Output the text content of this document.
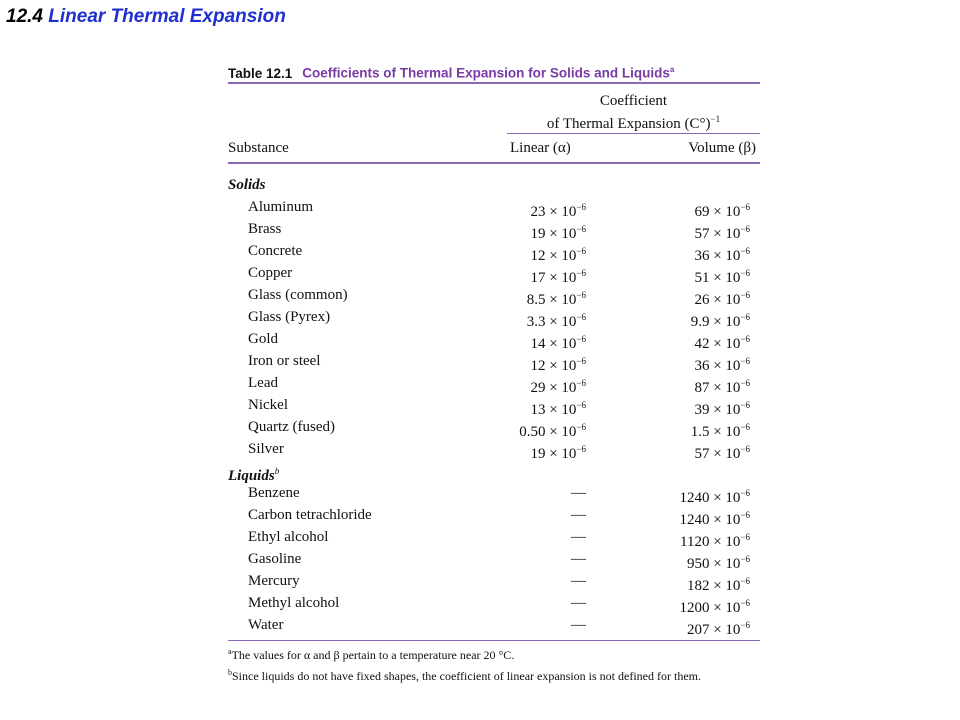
12.4 Linear Thermal Expansion
Table 12.1 Coefficients of Thermal Expansion for Solids and Liquids$^a$
Coefficient
of Thermal Expansion $(C^\circ)^{-1}$
Substance	Linear (α)	Volume (β)
Solids
Aluminum	$23 \times 10^{-6}$	$69 \times 10^{-6}$
Brass	$19 \times 10^{-6}$	$57 \times 10^{-6}$
Concrete	$12 \times 10^{-6}$	$36 \times 10^{-6}$
Copper	$17 \times 10^{-6}$	$51 \times 10^{-6}$
Glass (common)	$8.5 \times 10^{-6}$	$26 \times 10^{-6}$
Glass (Pyrex)	$3.3 \times 10^{-6}$	$9.9 \times 10^{-6}$
Gold	$14 \times 10^{-6}$	$42 \times 10^{-6}$
Iron or steel	$12 \times 10^{-6}$	$36 \times 10^{-6}$
Lead	$29 \times 10^{-6}$	$87 \times 10^{-6}$
Nickel	$13 \times 10^{-6}$	$39 \times 10^{-6}$
Quartz (fused)	$0.50 \times 10^{-6}$	$1.5 \times 10^{-6}$
Silver	$19 \times 10^{-6}$	$57 \times 10^{-6}$
Liquids$^b$
Benzene	—	$1240 \times 10^{-6}$
Carbon tetrachloride	—	$1240 \times 10^{-6}$
Ethyl alcohol	—	$1120 \times 10^{-6}$
Gasoline	—	$950 \times 10^{-6}$
Mercury	—	$182 \times 10^{-6}$
Methyl alcohol	—	$1200 \times 10^{-6}$
Water	—	$207 \times 10^{-6}$
$^a$The values for α and β pertain to a temperature near 20 °C.
$^b$Since liquids do not have fixed shapes, the coefficient of linear expansion is not defined for them.
